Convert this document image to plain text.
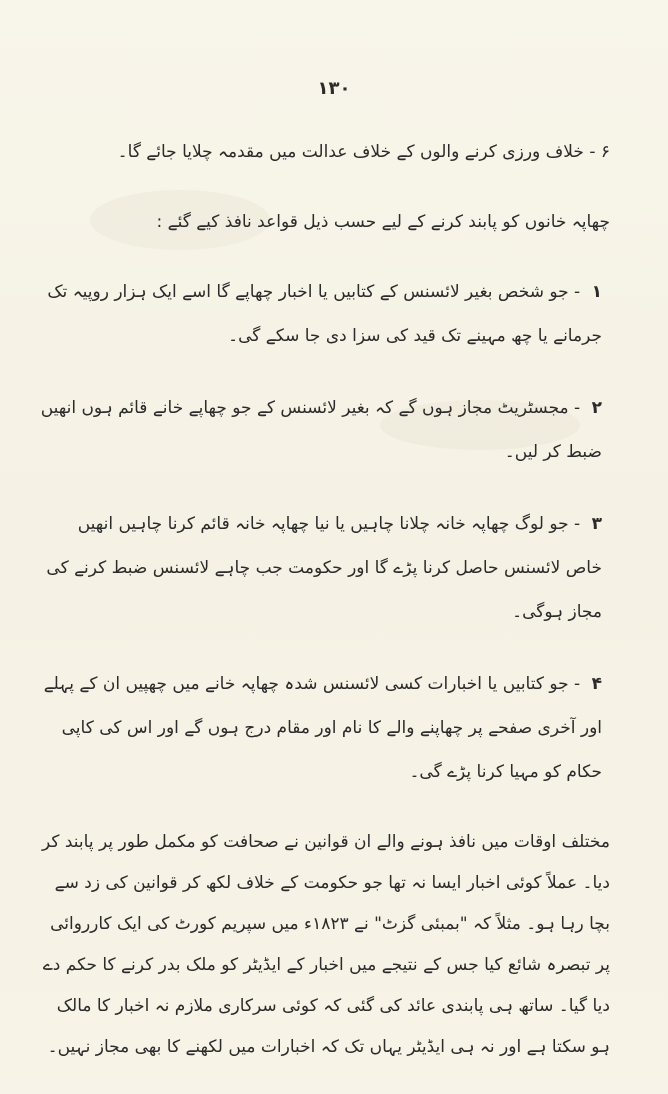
۱۳۰

۶ - خلاف ورزی کرنے والوں کے خلاف عدالت میں مقدمہ چلایا جائے گا۔

چھاپہ خانوں کو پابند کرنے کے لیے حسب ذیل قواعد نافذ کیے گئے :

۱ - جو شخص بغیر لائسنس کے کتابیں یا اخبار چھاپے گا اسے ایک ہزار روپیہ تک جرمانے یا چھ مہینے تک قید کی سزا دی جا سکے گی۔
۲ - مجسٹریٹ مجاز ہوں گے کہ بغیر لائسنس کے جو چھاپے خانے قائم ہوں انھیں ضبط کر لیں۔
۳ - جو لوگ چھاپہ خانہ چلانا چاہیں یا نیا چھاپہ خانہ قائم کرنا چاہیں انھیں خاص لائسنس حاصل کرنا پڑے گا اور حکومت جب چاہے لائسنس ضبط کرنے کی مجاز ہوگی۔
۴ - جو کتابیں یا اخبارات کسی لائسنس شدہ چھاپہ خانے میں چھپیں ان کے پہلے اور آخری صفحے پر چھاپنے والے کا نام اور مقام درج ہوں گے اور اس کی کاپی حکام کو مہیا کرنا پڑے گی۔

مختلف اوقات میں نافذ ہونے والے ان قوانین نے صحافت کو مکمل طور پر پابند کر دیا۔ عملاً کوئی اخبار ایسا نہ تھا جو حکومت کے خلاف لکھ کر قوانین کی زد سے بچا رہا ہو۔ مثلاً کہ "بمبئی گزٹ" نے ۱۸۲۳ء میں سپریم کورٹ کی ایک کارروائی پر تبصرہ شائع کیا جس کے نتیجے میں اخبار کے ایڈیٹر کو ملک بدر کرنے کا حکم دے دیا گیا۔ ساتھ ہی پابندی عائد کی گئی کہ کوئی سرکاری ملازم نہ اخبار کا مالک ہو سکتا ہے اور نہ ہی ایڈیٹر یہاں تک کہ اخبارات میں لکھنے کا بھی مجاز نہیں۔
